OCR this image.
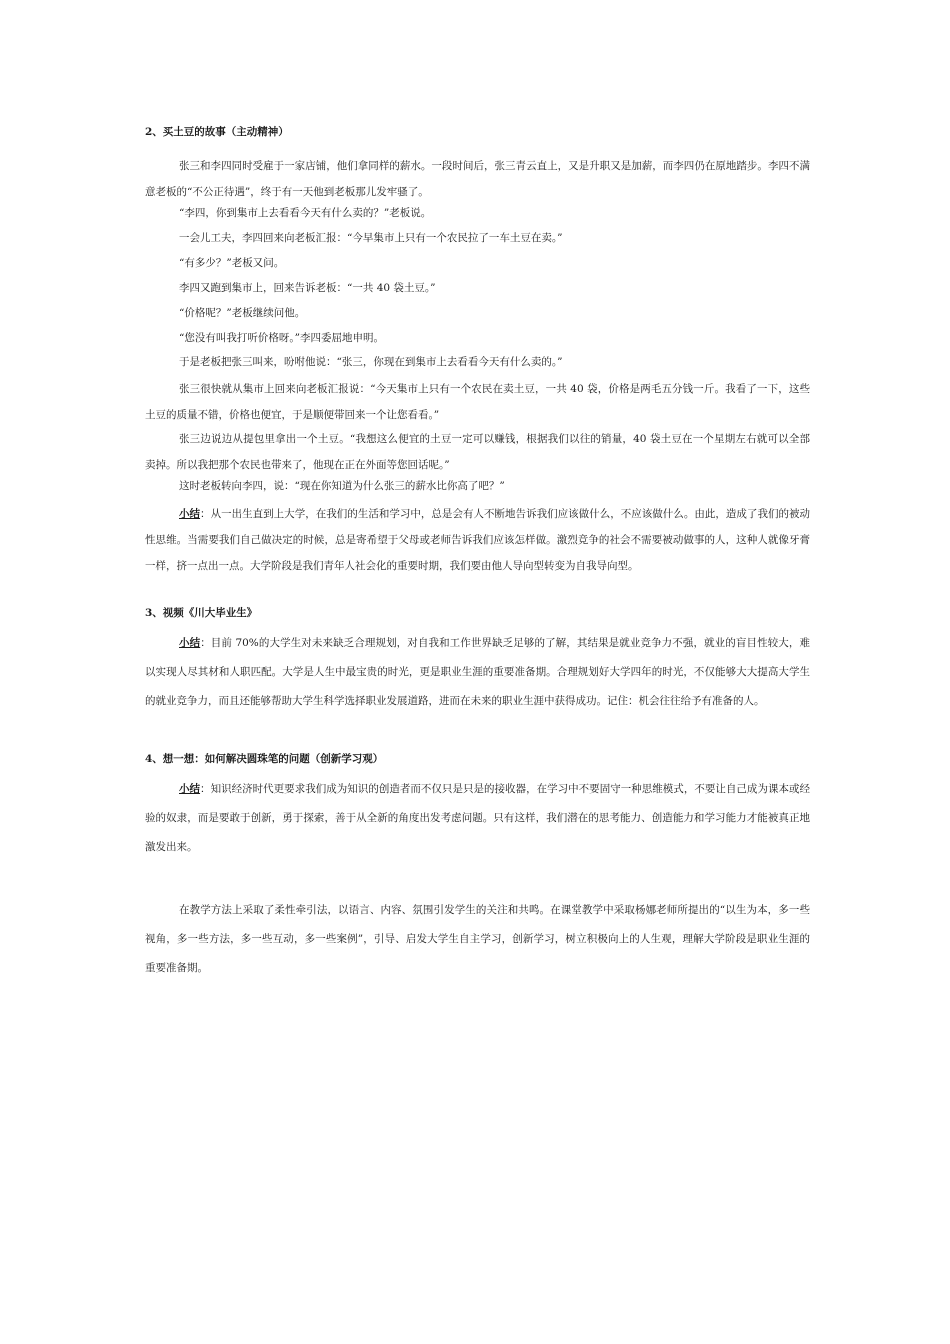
2、买土豆的故事（主动精神）

张三和李四同时受雇于一家店铺，他们拿同样的薪水。一段时间后，张三青云直上，又是升职又是加薪，而李四仍在原地踏步。李四不满意老板的“不公正待遇”，终于有一天他到老板那儿发牢骚了。

“李四，你到集市上去看看今天有什么卖的？”老板说。
一会儿工夫，李四回来向老板汇报：“今早集市上只有一个农民拉了一车土豆在卖。”
“有多少？”老板又问。
李四又跑到集市上，回来告诉老板：“一共 40 袋土豆。”
“价格呢？”老板继续问他。
“您没有叫我打听价格呀。”李四委屈地申明。
于是老板把张三叫来，吩咐他说：“张三，你现在到集市上去看看今天有什么卖的。”

张三很快就从集市上回来向老板汇报说：“今天集市上只有一个农民在卖土豆，一共 40 袋，价格是两毛五分钱一斤。我看了一下，这些土豆的质量不错，价格也便宜，于是顺便带回来一个让您看看。”

张三边说边从提包里拿出一个土豆。“我想这么便宜的土豆一定可以赚钱，根据我们以往的销量，40 袋土豆在一个星期左右就可以全部卖掉。所以我把那个农民也带来了，他现在正在外面等您回话呢。”

这时老板转向李四，说：“现在你知道为什么张三的薪水比你高了吧？”

小结：从一出生直到上大学，在我们的生活和学习中，总是会有人不断地告诉我们应该做什么，不应该做什么。由此，造成了我们的被动性思维。当需要我们自己做决定的时候，总是寄希望于父母或老师告诉我们应该怎样做。激烈竞争的社会不需要被动做事的人，这种人就像牙膏一样，挤一点出一点。大学阶段是我们青年人社会化的重要时期，我们要由他人导向型转变为自我导向型。

3、视频《川大毕业生》

小结：目前 70%的大学生对未来缺乏合理规划，对自我和工作世界缺乏足够的了解，其结果是就业竞争力不强，就业的盲目性较大，难以实现人尽其材和人职匹配。大学是人生中最宝贵的时光，更是职业生涯的重要准备期。合理规划好大学四年的时光，不仅能够大大提高大学生的就业竞争力，而且还能够帮助大学生科学选择职业发展道路，进而在未来的职业生涯中获得成功。记住：机会往往给予有准备的人。

4、想一想：如何解决圆珠笔的问题（创新学习观）

小结：知识经济时代更要求我们成为知识的创造者而不仅只是只是的接收器，在学习中不要固守一种思维模式，不要让自己成为课本或经验的奴隶，而是要敢于创新，勇于探索，善于从全新的角度出发考虑问题。只有这样，我们潜在的思考能力、创造能力和学习能力才能被真正地激发出来。

在教学方法上采取了柔性牵引法，以语言、内容、氛围引发学生的关注和共鸣。在课堂教学中采取杨娜老师所提出的“以生为本，多一些视角，多一些方法，多一些互动，多一些案例”，引导、启发大学生自主学习，创新学习，树立积极向上的人生观，理解大学阶段是职业生涯的重要准备期。
